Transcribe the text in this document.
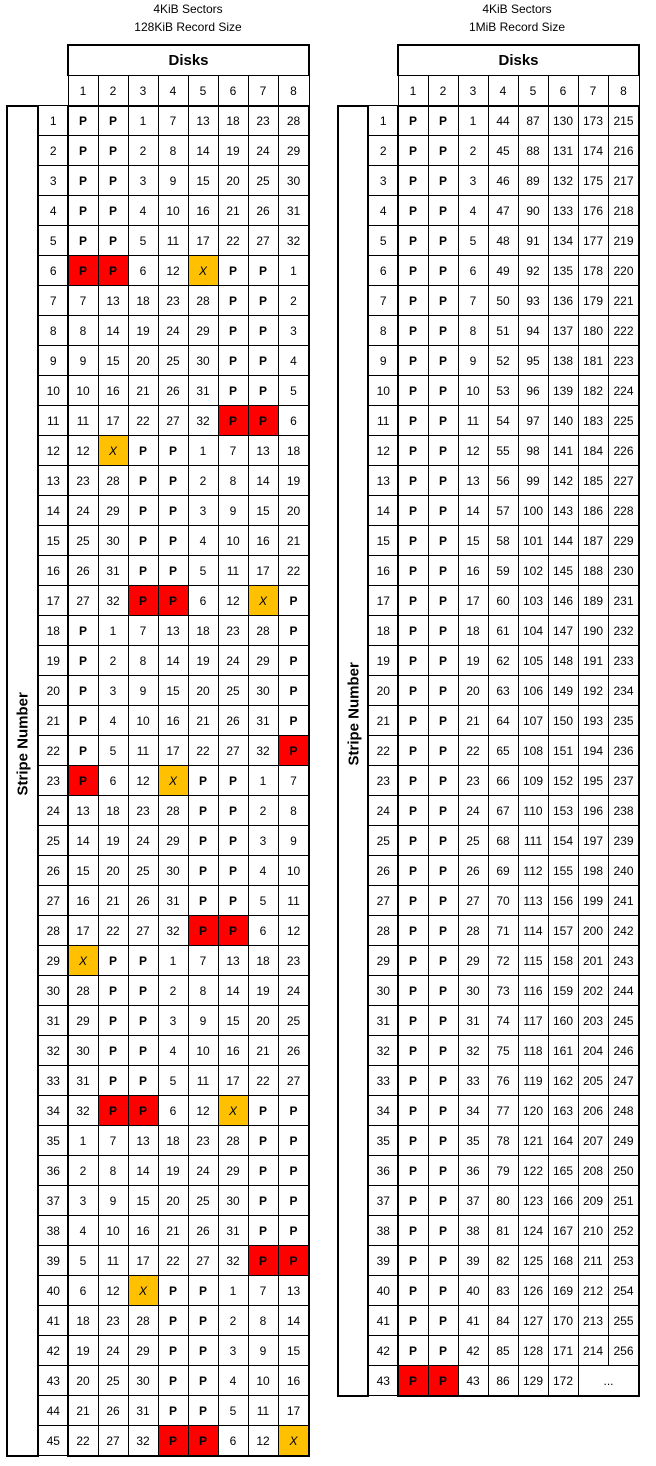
4KiB Sectors
128KiB Record Size
4KiB Sectors
1MiB Record Size
		Disks							
		1	2	3	4	5	6	7	8

Stripe Number	1	P	P	1	7	13	18	23	28
	2	P	P	2	8	14	19	24	29
	3	P	P	3	9	15	20	25	30
	4	P	P	4	10	16	21	26	31
	5	P	P	5	11	17	22	27	32
	6	P	P	6	12	X	P	P	1
	7	7	13	18	23	28	P	P	2
	8	8	14	19	24	29	P	P	3
	9	9	15	20	25	30	P	P	4
	10	10	16	21	26	31	P	P	5
	11	11	17	22	27	32	P	P	6
	12	12	X	P	P	1	7	13	18
	13	23	28	P	P	2	8	14	19
	14	24	29	P	P	3	9	15	20
	15	25	30	P	P	4	10	16	21
	16	26	31	P	P	5	11	17	22
	17	27	32	P	P	6	12	X	P
	18	P	1	7	13	18	23	28	P
	19	P	2	8	14	19	24	29	P
	20	P	3	9	15	20	25	30	P
	21	P	4	10	16	21	26	31	P
	22	P	5	11	17	22	27	32	P
	23	P	6	12	X	P	P	1	7
	24	13	18	23	28	P	P	2	8
	25	14	19	24	29	P	P	3	9
	26	15	20	25	30	P	P	4	10
	27	16	21	26	31	P	P	5	11
	28	17	22	27	32	P	P	6	12
	29	X	P	P	1	7	13	18	23
	30	28	P	P	2	8	14	19	24
	31	29	P	P	3	9	15	20	25
	32	30	P	P	4	10	16	21	26
	33	31	P	P	5	11	17	22	27
	34	32	P	P	6	12	X	P	P
	35	1	7	13	18	23	28	P	P
	36	2	8	14	19	24	29	P	P
	37	3	9	15	20	25	30	P	P
	38	4	10	16	21	26	31	P	P
	39	5	11	17	22	27	32	P	P
	40	6	12	X	P	P	1	7	13
	41	18	23	28	P	P	2	8	14
	42	19	24	29	P	P	3	9	15
	43	20	25	30	P	P	4	10	16
	44	21	26	31	P	P	5	11	17
	45	22	27	32	P	P	6	12	X
		Disks							
		1	2	3	4	5	6	7	8

Stripe Number	1	P	P	1	44	87	130	173	215
	2	P	P	2	45	88	131	174	216
	3	P	P	3	46	89	132	175	217
	4	P	P	4	47	90	133	176	218
	5	P	P	5	48	91	134	177	219
	6	P	P	6	49	92	135	178	220
	7	P	P	7	50	93	136	179	221
	8	P	P	8	51	94	137	180	222
	9	P	P	9	52	95	138	181	223
	10	P	P	10	53	96	139	182	224
	11	P	P	11	54	97	140	183	225
	12	P	P	12	55	98	141	184	226
	13	P	P	13	56	99	142	185	227
	14	P	P	14	57	100	143	186	228
	15	P	P	15	58	101	144	187	229
	16	P	P	16	59	102	145	188	230
	17	P	P	17	60	103	146	189	231
	18	P	P	18	61	104	147	190	232
	19	P	P	19	62	105	148	191	233
	20	P	P	20	63	106	149	192	234
	21	P	P	21	64	107	150	193	235
	22	P	P	22	65	108	151	194	236
	23	P	P	23	66	109	152	195	237
	24	P	P	24	67	110	153	196	238
	25	P	P	25	68	111	154	197	239
	26	P	P	26	69	112	155	198	240
	27	P	P	27	70	113	156	199	241
	28	P	P	28	71	114	157	200	242
	29	P	P	29	72	115	158	201	243
	30	P	P	30	73	116	159	202	244
	31	P	P	31	74	117	160	203	245
	32	P	P	32	75	118	161	204	246
	33	P	P	33	76	119	162	205	247
	34	P	P	34	77	120	163	206	248
	35	P	P	35	78	121	164	207	249
	36	P	P	36	79	122	165	208	250
	37	P	P	37	80	123	166	209	251
	38	P	P	38	81	124	167	210	252
	39	P	P	39	82	125	168	211	253
	40	P	P	40	83	126	169	212	254
	41	P	P	41	84	127	170	213	255
	42	P	P	42	85	128	171	214	256
	43	P	P	43	86	129	172	...	
